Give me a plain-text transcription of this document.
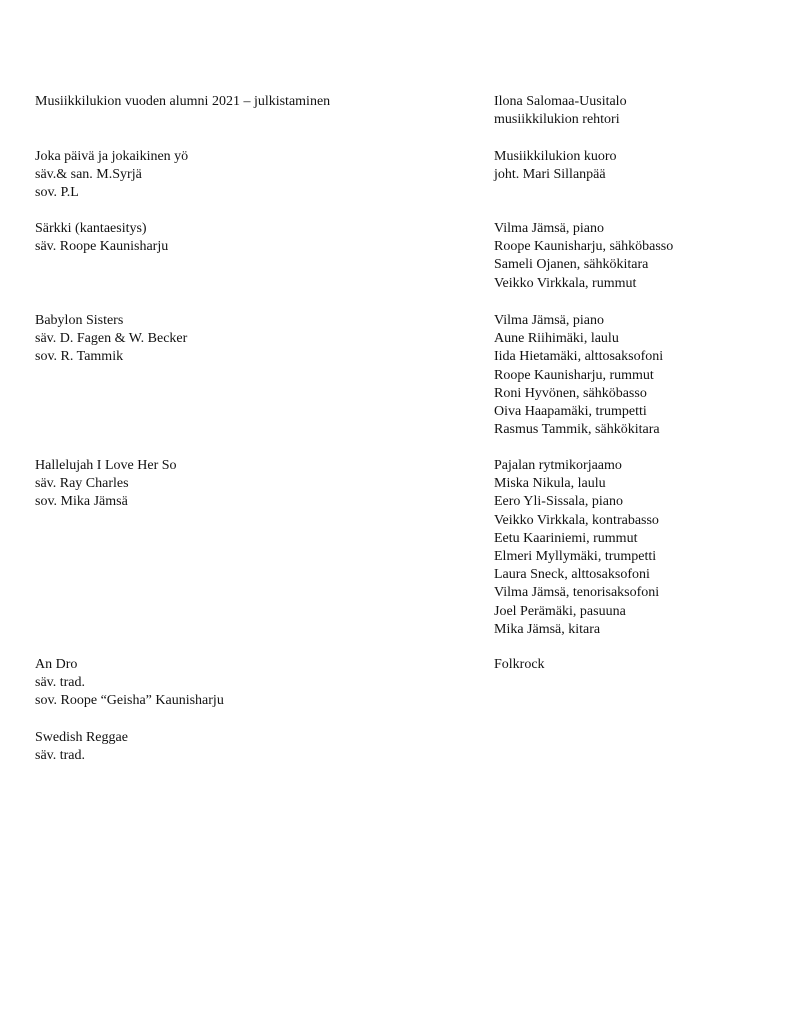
Musiikkilukion vuoden alumni 2021 – julkistaminen	Ilona Salomaa-Uusitalo
musiikkilukion rehtori
Joka päivä ja jokaikinen yö
säv.& san. M.Syrjä
sov. P.L
Musiikkilukion kuoro
joht. Mari Sillanpää
Särkki (kantaesitys)
säv. Roope Kaunisharju
Vilma Jämsä, piano
Roope Kaunisharju, sähköbasso
Sameli Ojanen, sähkökitara
Veikko Virkkala, rummut
Babylon Sisters
säv. D. Fagen & W. Becker
sov. R. Tammik
Vilma Jämsä, piano
Aune Riihimäki, laulu
Iida Hietamäki, alttosaksofoni
Roope Kaunisharju, rummut
Roni Hyvönen, sähköbasso
Oiva Haapamäki, trumpetti
Rasmus Tammik, sähkökitara
Hallelujah I Love Her So
säv. Ray Charles
sov. Mika Jämsä
Pajalan rytmikorjaamo
Miska Nikula, laulu
Eero Yli-Sissala, piano
Veikko Virkkala, kontrabasso
Eetu Kaariniemi, rummut
Elmeri Myllymäki, trumpetti
Laura Sneck, alttosaksofoni
Vilma Jämsä, tenorisaksofoni
Joel Perämäki, pasuuna
Mika Jämsä, kitara
An Dro
säv. trad.
sov. Roope “Geisha” Kaunisharju
Folkrock
Swedish Reggae
säv. trad.
